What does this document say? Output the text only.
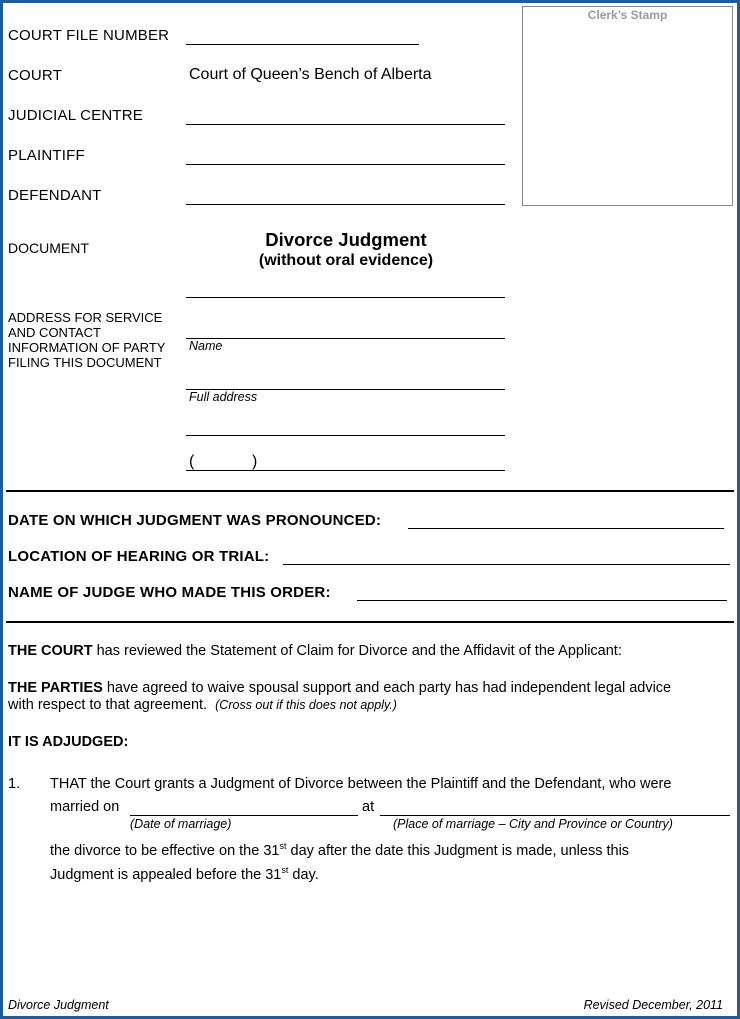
Clerk’s Stamp
COURT FILE NUMBER
COURT	Court of Queen’s Bench of Alberta
JUDICIAL CENTRE
PLAINTIFF
DEFENDANT
DOCUMENT	Divorce Judgment
(without oral evidence)
ADDRESS FOR SERVICE
AND CONTACT
INFORMATION OF PARTY
FILING THIS DOCUMENT
Name
Full address
(	)
DATE ON WHICH JUDGMENT WAS PRONOUNCED:
LOCATION OF HEARING OR TRIAL:
NAME OF JUDGE WHO MADE THIS ORDER:
THE COURT has reviewed the Statement of Claim for Divorce and the Affidavit of the Applicant:
THE PARTIES have agreed to waive spousal support and each party has had independent legal advice
with respect to that agreement. (Cross out if this does not apply.)
IT IS ADJUDGED:
1. THAT the Court grants a Judgment of Divorce between the Plaintiff and the Defendant, who were
married on	at
(Date of marriage)	(Place of marriage – City and Province or Country)
the divorce to be effective on the 31st day after the date this Judgment is made, unless this
Judgment is appealed before the 31st day.
Divorce Judgment	Revised December, 2011
